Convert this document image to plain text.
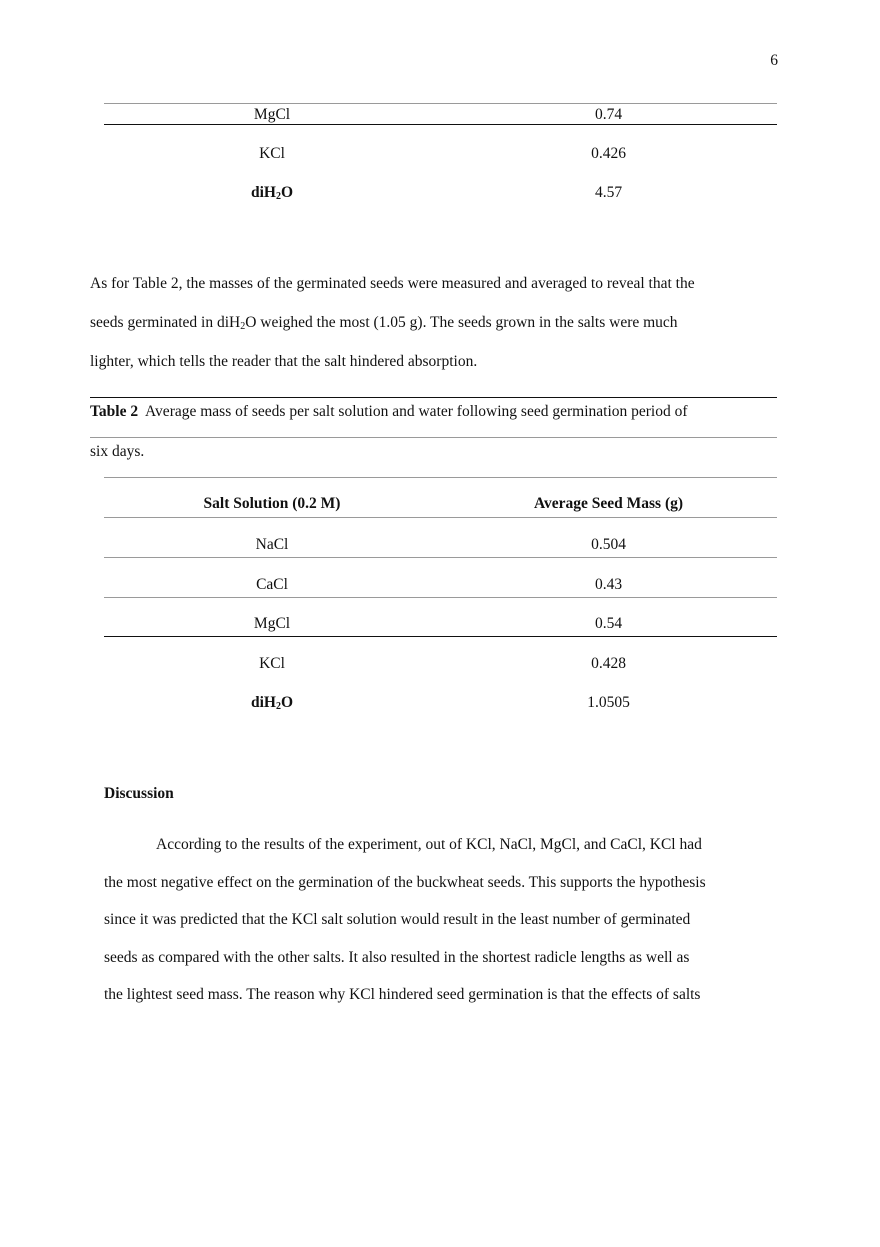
6
MgCl	0.74
KCl	0.426
diH$_2$O	4.57
As for Table 2, the masses of the germinated seeds were measured and averaged to reveal that the
seeds germinated in diH$_2$O weighed the most (1.05 g). The seeds grown in the salts were much
lighter, which tells the reader that the salt hindered absorption.
Table 2 Average mass of seeds per salt solution and water following seed germination period of
six days.
Salt Solution (0.2 M)	Average Seed Mass (g)
NaCl	0.504
CaCl	0.43
MgCl	0.54
KCl	0.428
diH$_2$O	1.0505
Discussion
According to the results of the experiment, out of KCl, NaCl, MgCl, and CaCl, KCl had
the most negative effect on the germination of the buckwheat seeds. This supports the hypothesis
since it was predicted that the KCl salt solution would result in the least number of germinated
seeds as compared with the other salts. It also resulted in the shortest radicle lengths as well as
the lightest seed mass. The reason why KCl hindered seed germination is that the effects of salts
